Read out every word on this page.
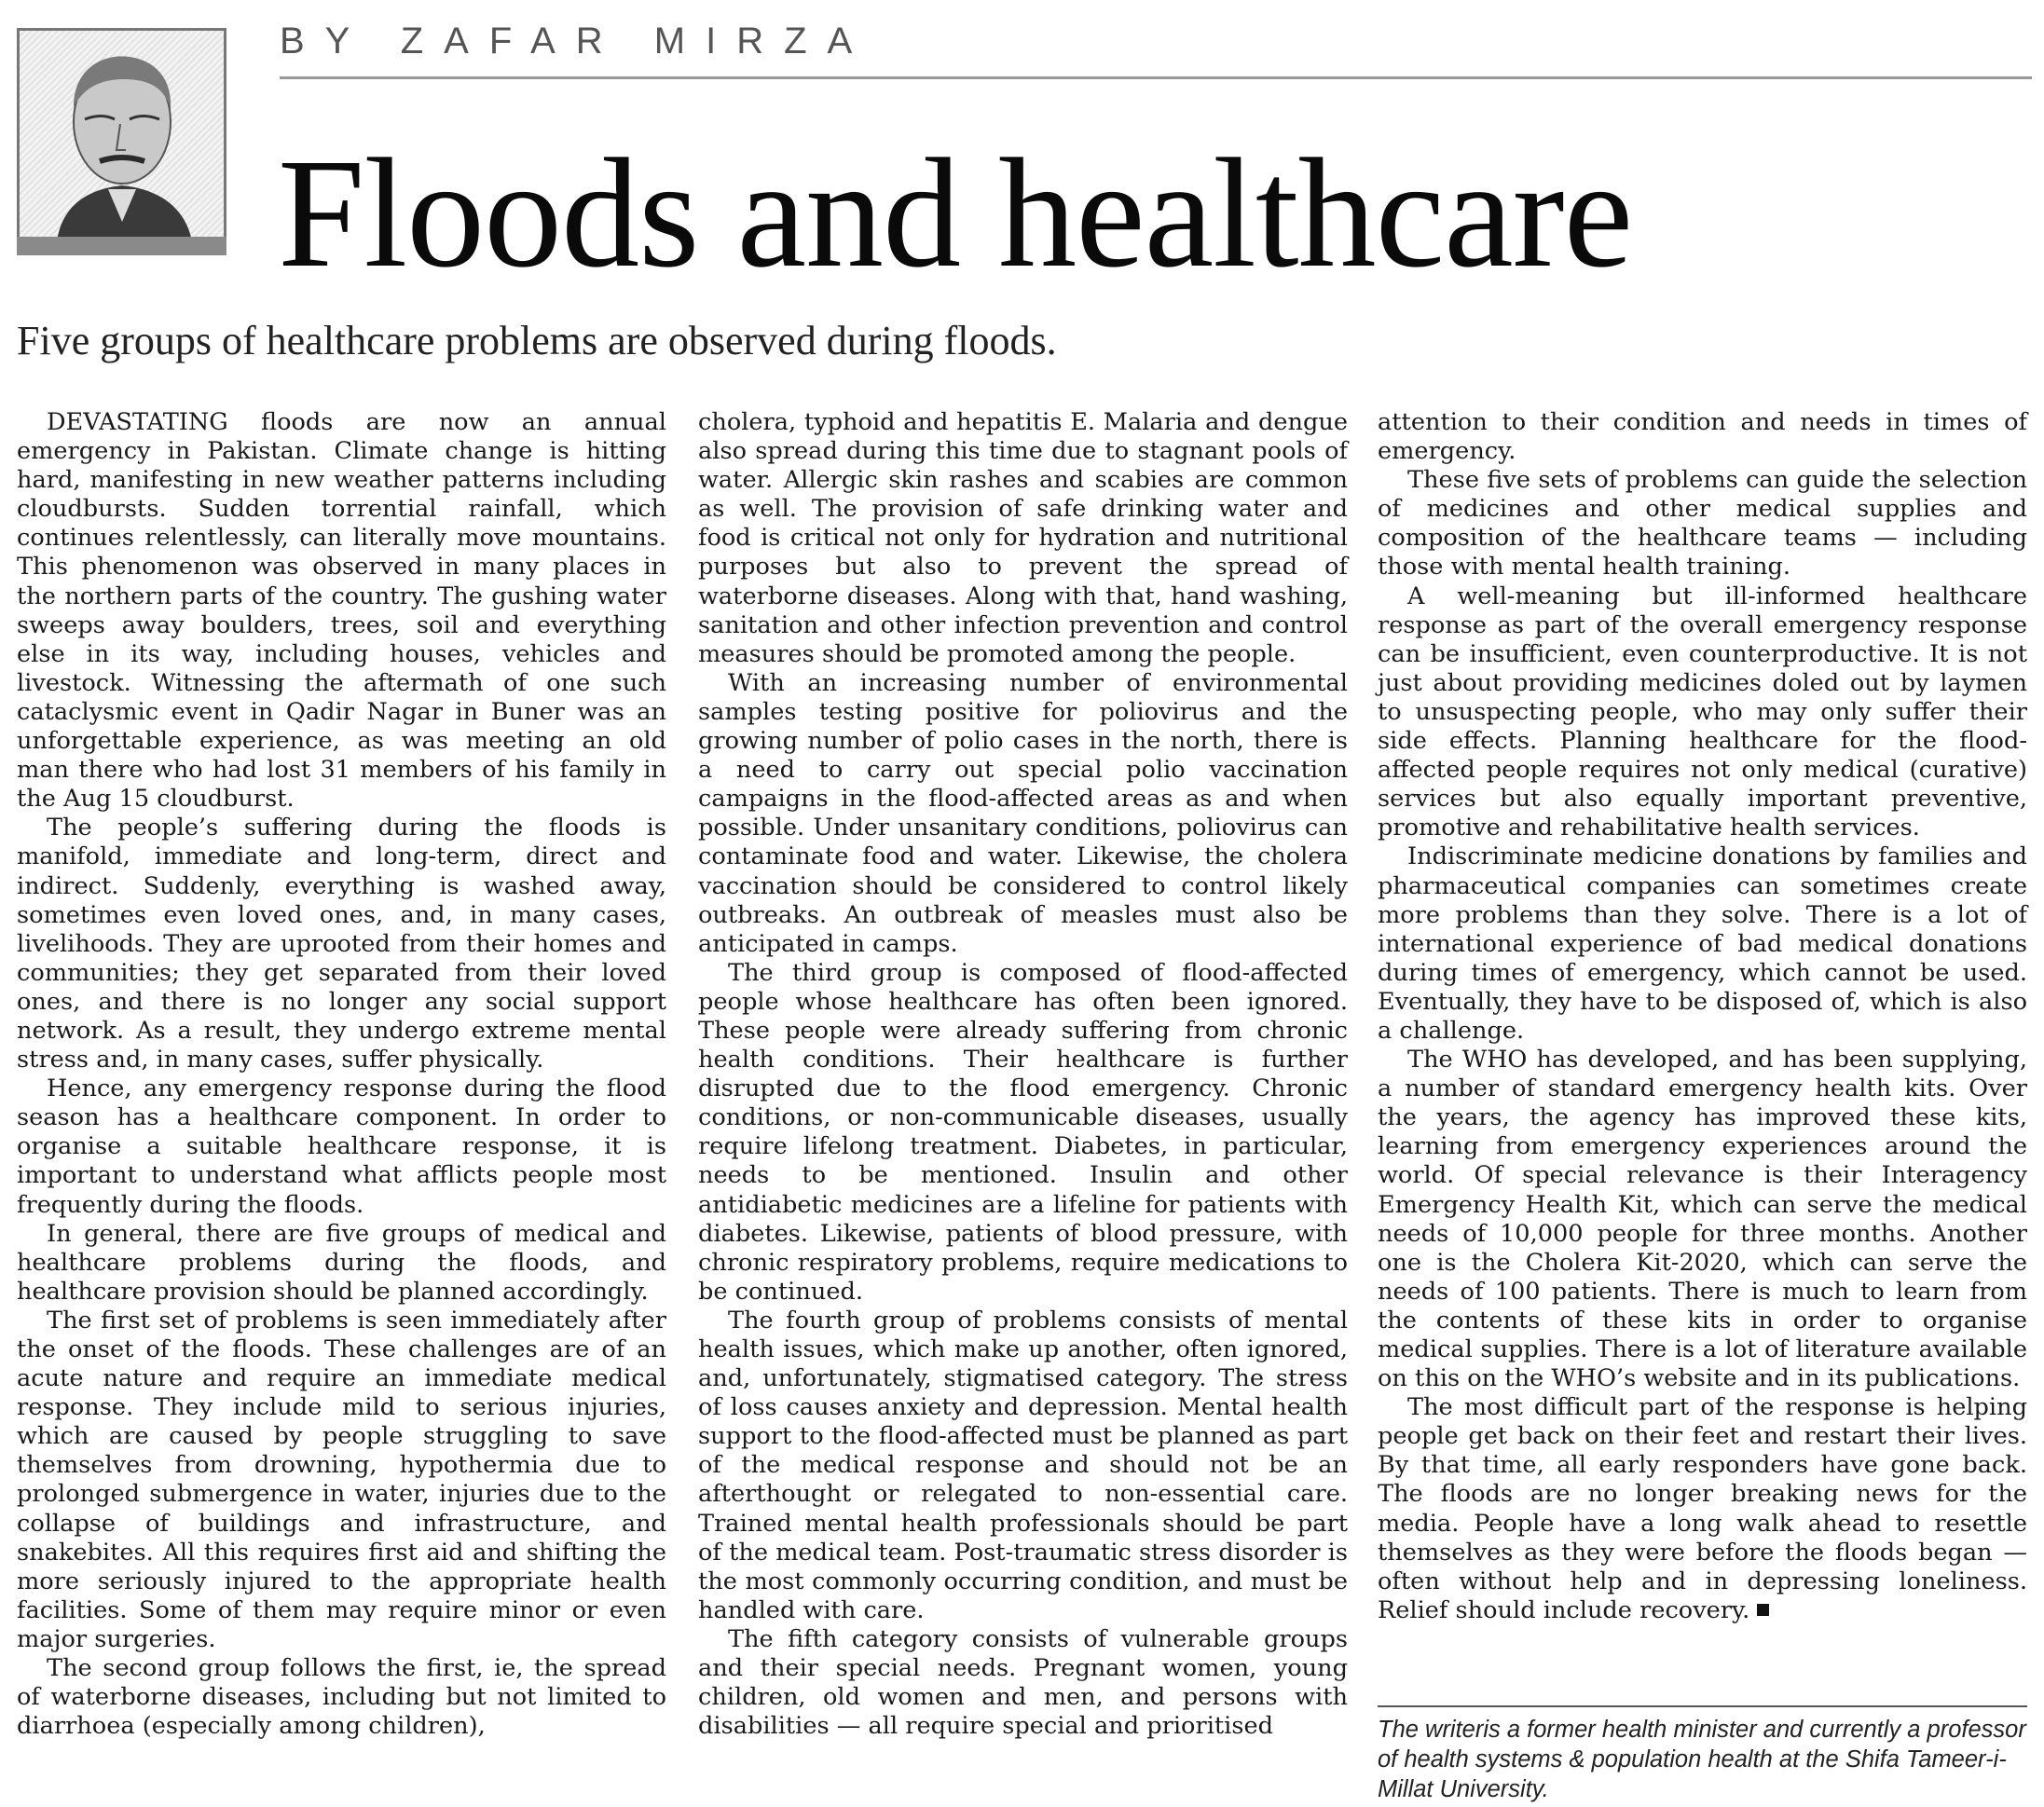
BY ZAFAR MIRZA
Floods and healthcare
Five groups of healthcare problems are observed during floods.

DEVASTATING floods are now an annual emergency in Pakistan. Climate change is hitting hard, manifesting in new weather patterns including cloudbursts. Sudden torrential rainfall, which continues relentlessly, can literally move mountains. This phenomenon was observed in many places in the northern parts of the country. The gushing water sweeps away boulders, trees, soil and everything else in its way, including houses, vehicles and livestock. Witnessing the aftermath of one such cataclysmic event in Qadir Nagar in Buner was an unforgettable experience, as was meeting an old man there who had lost 31 members of his family in the Aug 15 cloudburst.

The people’s suffering during the floods is manifold, immediate and long-term, direct and indirect. Suddenly, everything is washed away, sometimes even loved ones, and, in many cases, livelihoods. They are uprooted from their homes and communities; they get separated from their loved ones, and there is no longer any social support network. As a result, they undergo extreme mental stress and, in many cases, suffer physically.

Hence, any emergency response during the flood season has a healthcare component. In order to organise a suitable healthcare response, it is important to understand what afflicts people most frequently during the floods.

In general, there are five groups of medical and healthcare problems during the floods, and healthcare provision should be planned accordingly.

The first set of problems is seen immediately after the onset of the floods. These challenges are of an acute nature and require an immediate medical response. They include mild to serious injuries, which are caused by people struggling to save themselves from drowning, hypothermia due to prolonged submergence in water, injuries due to the collapse of buildings and infrastructure, and snakebites. All this requires first aid and shifting the more seriously injured to the appropriate health facilities. Some of them may require minor or even major surgeries.

The second group follows the first, ie, the spread of waterborne diseases, including but not limited to diarrhoea (especially among children),

cholera, typhoid and hepatitis E. Malaria and dengue also spread during this time due to stagnant pools of water. Allergic skin rashes and scabies are common as well. The provision of safe drinking water and food is critical not only for hydration and nutritional purposes but also to prevent the spread of waterborne diseases. Along with that, hand washing, sanitation and other infection prevention and control measures should be promoted among the people.

With an increasing number of environmental samples testing positive for poliovirus and the growing number of polio cases in the north, there is a need to carry out special polio vaccination campaigns in the flood-affected areas as and when possible. Under unsanitary conditions, poliovirus can contaminate food and water. Likewise, the cholera vaccination should be considered to control likely outbreaks. An outbreak of measles must also be anticipated in camps.

The third group is composed of flood-affected people whose healthcare has often been ignored. These people were already suffering from chronic health conditions. Their healthcare is further disrupted due to the flood emergency. Chronic conditions, or non-communicable diseases, usually require lifelong treatment. Diabetes, in particular, needs to be mentioned. Insulin and other antidiabetic medicines are a lifeline for patients with diabetes. Likewise, patients of blood pressure, with chronic respiratory problems, require medications to be continued.

The fourth group of problems consists of mental health issues, which make up another, often ignored, and, unfortunately, stigmatised category. The stress of loss causes anxiety and depression. Mental health support to the flood-affected must be planned as part of the medical response and should not be an afterthought or relegated to non-essential care. Trained mental health professionals should be part of the medical team. Post-traumatic stress disorder is the most commonly occurring condition, and must be handled with care.

The fifth category consists of vulnerable groups and their special needs. Pregnant women, young children, old women and men, and persons with disabilities — all require special and prioritised

attention to their condition and needs in times of emergency.

These five sets of problems can guide the selection of medicines and other medical supplies and composition of the healthcare teams — including those with mental health training.

A well-meaning but ill-informed healthcare response as part of the overall emergency response can be insufficient, even counterproductive. It is not just about providing medicines doled out by laymen to unsuspecting people, who may only suffer their side effects. Planning healthcare for the flood-affected people requires not only medical (curative) services but also equally important preventive, promotive and rehabilitative health services.

Indiscriminate medicine donations by families and pharmaceutical companies can sometimes create more problems than they solve. There is a lot of international experience of bad medical donations during times of emergency, which cannot be used. Eventually, they have to be disposed of, which is also a challenge.

The WHO has developed, and has been supplying, a number of standard emergency health kits. Over the years, the agency has improved these kits, learning from emergency experiences around the world. Of special relevance is their Interagency Emergency Health Kit, which can serve the medical needs of 10,000 people for three months. Another one is the Cholera Kit-2020, which can serve the needs of 100 patients. There is much to learn from the contents of these kits in order to organise medical supplies. There is a lot of literature available on this on the WHO’s website and in its publications.

The most difficult part of the response is helping people get back on their feet and restart their lives. By that time, all early responders have gone back. The floods are no longer breaking news for the media. People have a long walk ahead to resettle themselves as they were before the floods began — often without help and in depressing loneliness. Relief should include recovery.

The writeris a former health minister and currently a professor of health systems & population health at the Shifa Tameer-i-Millat University.
